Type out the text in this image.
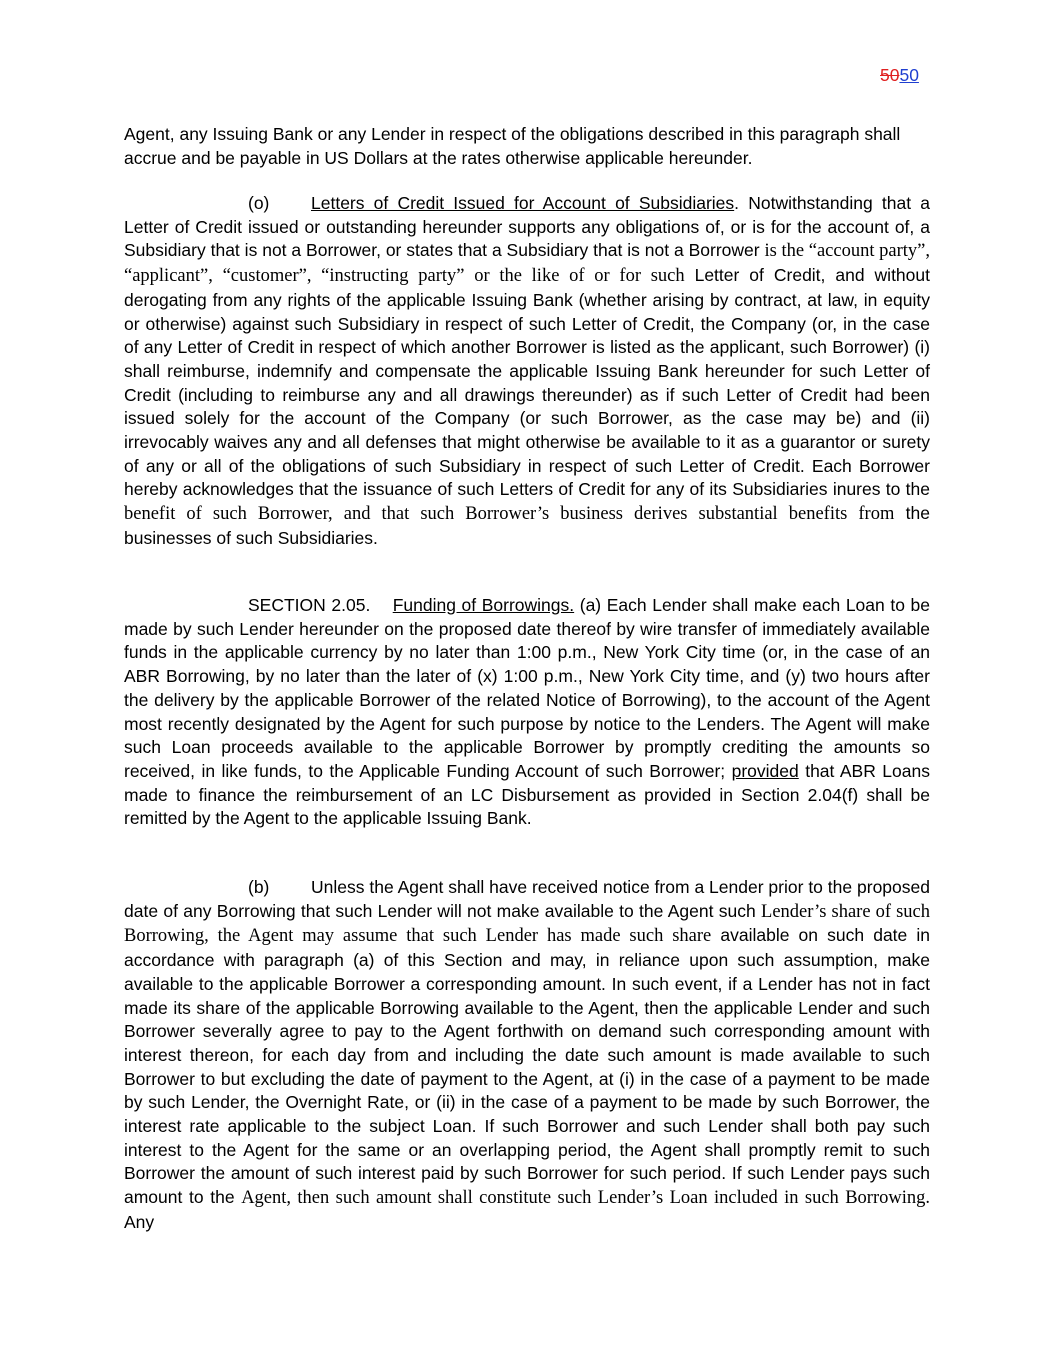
5050

Agent, any Issuing Bank or any Lender in respect of the obligations described in this paragraph shall accrue and be payable in US Dollars at the rates otherwise applicable hereunder.

(o) Letters of Credit Issued for Account of Subsidiaries. Notwithstanding that a Letter of Credit issued or outstanding hereunder supports any obligations of, or is for the account of, a Subsidiary that is not a Borrower, or states that a Subsidiary that is not a Borrower is the “account party”, “applicant”, “customer”, “instructing party” or the like of or for such Letter of Credit, and without derogating from any rights of the applicable Issuing Bank (whether arising by contract, at law, in equity or otherwise) against such Subsidiary in respect of such Letter of Credit, the Company (or, in the case of any Letter of Credit in respect of which another Borrower is listed as the applicant, such Borrower) (i) shall reimburse, indemnify and compensate the applicable Issuing Bank hereunder for such Letter of Credit (including to reimburse any and all drawings thereunder) as if such Letter of Credit had been issued solely for the account of the Company (or such Borrower, as the case may be) and (ii) irrevocably waives any and all defenses that might otherwise be available to it as a guarantor or surety of any or all of the obligations of such Subsidiary in respect of such Letter of Credit. Each Borrower hereby acknowledges that the issuance of such Letters of Credit for any of its Subsidiaries inures to the benefit of such Borrower, and that such Borrower’s business derives substantial benefits from the businesses of such Subsidiaries.

SECTION 2.05. Funding of Borrowings. (a) Each Lender shall make each Loan to be made by such Lender hereunder on the proposed date thereof by wire transfer of immediately available funds in the applicable currency by no later than 1:00 p.m., New York City time (or, in the case of an ABR Borrowing, by no later than the later of (x) 1:00 p.m., New York City time, and (y) two hours after the delivery by the applicable Borrower of the related Notice of Borrowing), to the account of the Agent most recently designated by the Agent for such purpose by notice to the Lenders. The Agent will make such Loan proceeds available to the applicable Borrower by promptly crediting the amounts so received, in like funds, to the Applicable Funding Account of such Borrower; provided that ABR Loans made to finance the reimbursement of an LC Disbursement as provided in Section 2.04(f) shall be remitted by the Agent to the applicable Issuing Bank.

(b) Unless the Agent shall have received notice from a Lender prior to the proposed date of any Borrowing that such Lender will not make available to the Agent such Lender’s share of such Borrowing, the Agent may assume that such Lender has made such share available on such date in accordance with paragraph (a) of this Section and may, in reliance upon such assumption, make available to the applicable Borrower a corresponding amount. In such event, if a Lender has not in fact made its share of the applicable Borrowing available to the Agent, then the applicable Lender and such Borrower severally agree to pay to the Agent forthwith on demand such corresponding amount with interest thereon, for each day from and including the date such amount is made available to such Borrower to but excluding the date of payment to the Agent, at (i) in the case of a payment to be made by such Lender, the Overnight Rate, or (ii) in the case of a payment to be made by such Borrower, the interest rate applicable to the subject Loan. If such Borrower and such Lender shall both pay such interest to the Agent for the same or an overlapping period, the Agent shall promptly remit to such Borrower the amount of such interest paid by such Borrower for such period. If such Lender pays such amount to the Agent, then such amount shall constitute such Lender’s Loan included in such Borrowing. Any
